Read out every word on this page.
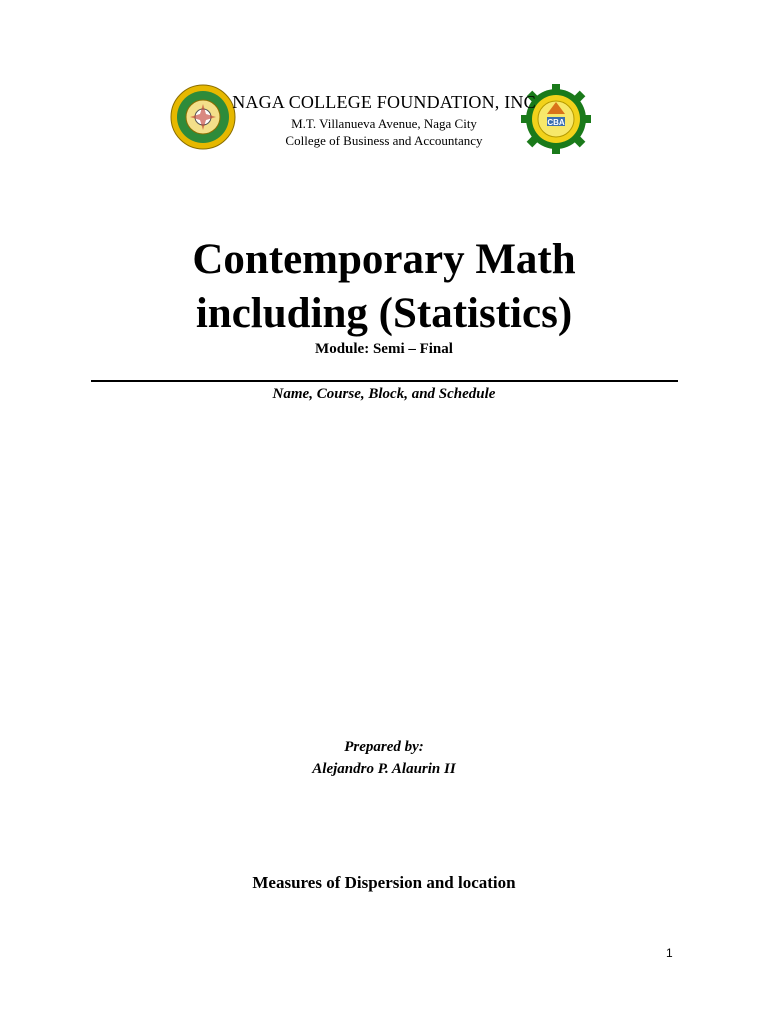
CBA
NAGA COLLEGE FOUNDATION, INC
M.T. Villanueva Avenue, Naga City
College of Business and Accountancy
Contemporary Math
including (Statistics)
Module: Semi – Final
Name, Course, Block, and Schedule
Prepared by:
Alejandro P. Alaurin II
Measures of Dispersion and location
1
